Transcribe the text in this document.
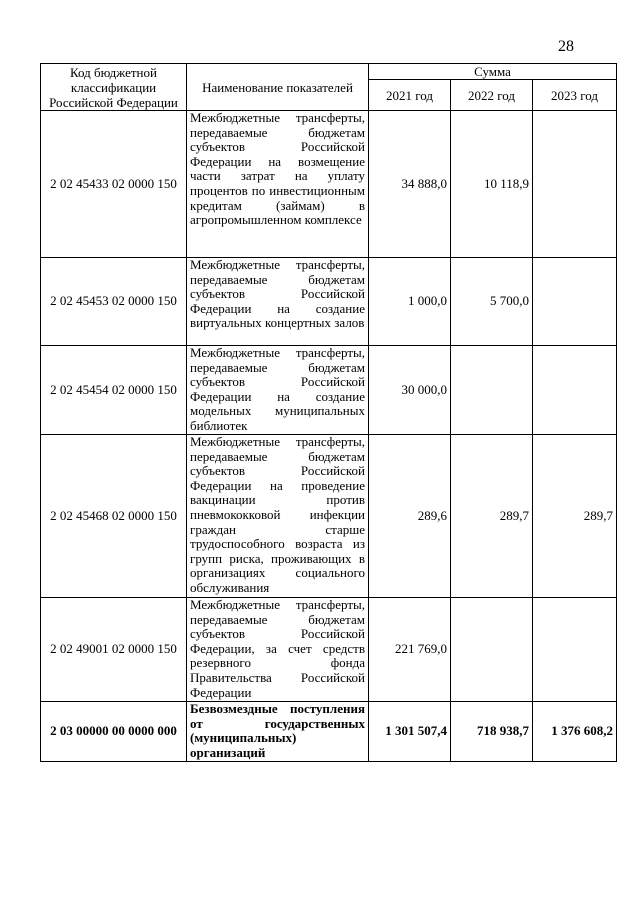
28
Код бюджетной классификации Российской Федерации	Наименование показателей	Сумма		
		2021 год	2022 год	2023 год
2 02 45433 02 0000 150	Межбюджетные трансферты, передаваемые бюджетам субъектов Российской Федерации на возмещение части затрат на уплату процентов по инвестиционным кредитам (займам) в агропромышленном комплексе	34 888,0	10 118,9	
2 02 45453 02 0000 150	Межбюджетные трансферты, передаваемые бюджетам субъектов Российской Федерации на создание виртуальных концертных залов	1 000,0	5 700,0	
2 02 45454 02 0000 150	Межбюджетные трансферты, передаваемые бюджетам субъектов Российской Федерации на создание модельных муниципальных библиотек	30 000,0		
2 02 45468 02 0000 150	Межбюджетные трансферты, передаваемые бюджетам субъектов Российской Федерации на проведение вакцинации против пневмококковой инфекции граждан старше трудоспособного возраста из групп риска, проживающих в организациях социального обслуживания	289,6	289,7	289,7
2 02 49001 02 0000 150	Межбюджетные трансферты, передаваемые бюджетам субъектов Российской Федерации, за счет средств резервного фонда Правительства Российской Федерации	221 769,0		
2 03 00000 00 0000 000	Безвозмездные поступления от государственных (муниципальных) организаций	1 301 507,4	718 938,7	1 376 608,2
